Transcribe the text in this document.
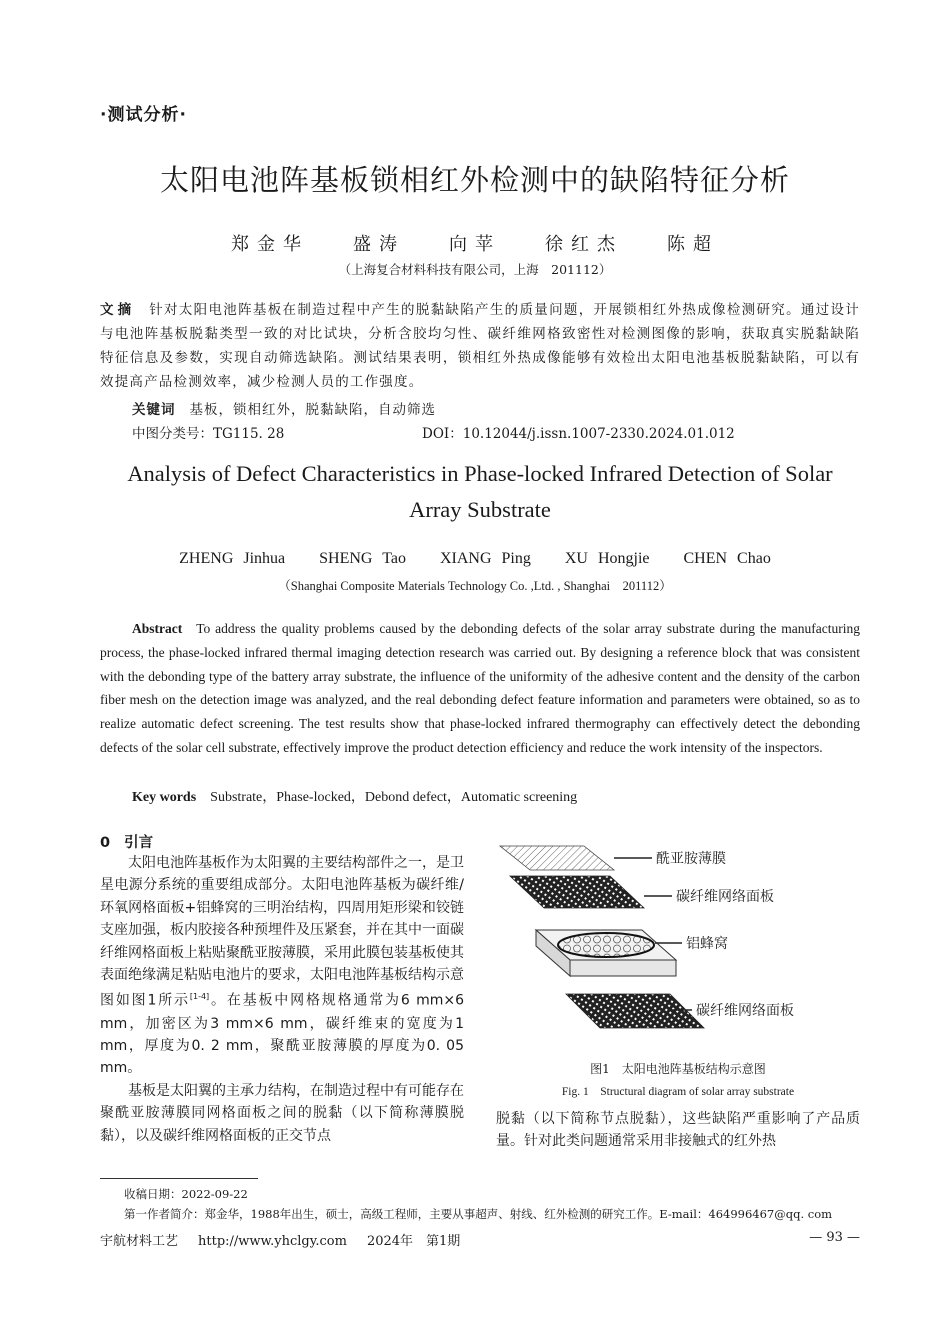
·测试分析·
太阳电池阵基板锁相红外检测中的缺陷特征分析
郑金华 盛涛 向苹 徐红杰 陈超
（上海复合材料科技有限公司，上海　201112）
文摘 针对太阳电池阵基板在制造过程中产生的脱黏缺陷产生的质量问题，开展锁相红外热成像检测研究。通过设计与电池阵基板脱黏类型一致的对比试块，分析含胶均匀性、碳纤维网格致密性对检测图像的影响，获取真实脱黏缺陷特征信息及参数，实现自动筛选缺陷。测试结果表明，锁相红外热成像能够有效检出太阳电池基板脱黏缺陷，可以有效提高产品检测效率，减少检测人员的工作强度。
关键词 基板，锁相红外，脱黏缺陷，自动筛选
中图分类号：TG115. 28	DOI：10.12044/j.issn.1007-2330.2024.01.012
Analysis of Defect Characteristics in Phase-locked Infrared Detection of Solar Array Substrate
ZHENG Jinhua SHENG Tao XIANG Ping XU Hongjie CHEN Chao
（Shanghai Composite Materials Technology Co. ,Ltd. , Shanghai　201112）
Abstract To address the quality problems caused by the debonding defects of the solar array substrate during the manufacturing process, the phase-locked infrared thermal imaging detection research was carried out. By designing a reference block that was consistent with the debonding type of the battery array substrate, the influence of the uniformity of the adhesive content and the density of the carbon fiber mesh on the detection image was analyzed, and the real debonding defect feature information and parameters were obtained, so as to realize automatic defect screening. The test results show that phase-locked infrared thermography can effectively detect the debonding defects of the solar cell substrate, effectively improve the product detection efficiency and reduce the work intensity of the inspectors.
Key words Substrate，Phase-locked，Debond defect，Automatic screening
0 引言

太阳电池阵基板作为太阳翼的主要结构部件之一，是卫星电源分系统的重要组成部分。太阳电池阵基板为碳纤维/环氧网格面板+铝蜂窝的三明治结构，四周用矩形梁和铰链支座加强，板内胶接各种预埋件及压紧套，并在其中一面碳纤维网格面板上粘贴聚酰亚胺薄膜，采用此膜包装基板使其表面绝缘满足粘贴电池片的要求，太阳电池阵基板结构示意图如图1所示[1-4]。在基板中网格规格通常为6 mm×6 mm，加密区为3 mm×6 mm，碳纤维束的宽度为1 mm，厚度为0. 2 mm，聚酰亚胺薄膜的厚度为0. 05 mm。

基板是太阳翼的主承力结构，在制造过程中有可能存在聚酰亚胺薄膜同网格面板之间的脱黏（以下简称薄膜脱黏），以及碳纤维网格面板的正交节点

酰亚胺薄膜
碳纤维网络面板
铝蜂窝
碳纤维网络面板
图1　太阳电池阵基板结构示意图
Fig. 1　Structural diagram of solar array substrate

脱黏（以下简称节点脱黏），这些缺陷严重影响了产品质量。针对此类问题通常采用非接触式的红外热

收稿日期：2022-09-22
第一作者简介：郑金华，1988年出生，硕士，高级工程师，主要从事超声、射线、红外检测的研究工作。E-mail：464996467@qq. com
宇航材料工艺 http://www.yhclgy.com 2024年　第1期	— 93 —
